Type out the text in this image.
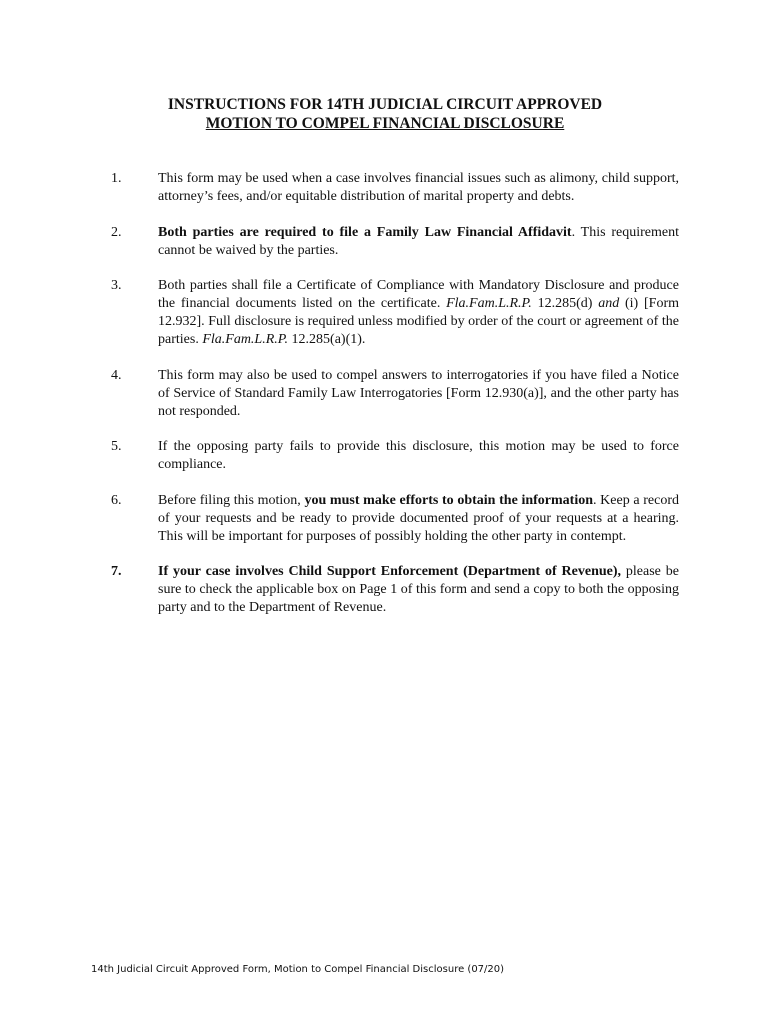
INSTRUCTIONS FOR 14TH JUDICIAL CIRCUIT APPROVED
MOTION TO COMPEL FINANCIAL DISCLOSURE
1.	This form may be used when a case involves financial issues such as alimony, child support, attorney’s fees, and/or equitable distribution of marital property and debts.
2.	Both parties are required to file a Family Law Financial Affidavit. This requirement cannot be waived by the parties.
3.	Both parties shall file a Certificate of Compliance with Mandatory Disclosure and produce the financial documents listed on the certificate. Fla.Fam.L.R.P. 12.285(d) and (i) [Form 12.932]. Full disclosure is required unless modified by order of the court or agreement of the parties. Fla.Fam.L.R.P. 12.285(a)(1).
4.	This form may also be used to compel answers to interrogatories if you have filed a Notice of Service of Standard Family Law Interrogatories [Form 12.930(a)], and the other party has not responded.
5.	If the opposing party fails to provide this disclosure, this motion may be used to force compliance.
6.	Before filing this motion, you must make efforts to obtain the information. Keep a record of your requests and be ready to provide documented proof of your requests at a hearing. This will be important for purposes of possibly holding the other party in contempt.
7.	If your case involves Child Support Enforcement (Department of Revenue), please be sure to check the applicable box on Page 1 of this form and send a copy to both the opposing party and to the Department of Revenue.
14th Judicial Circuit Approved Form, Motion to Compel Financial Disclosure (07/20)
